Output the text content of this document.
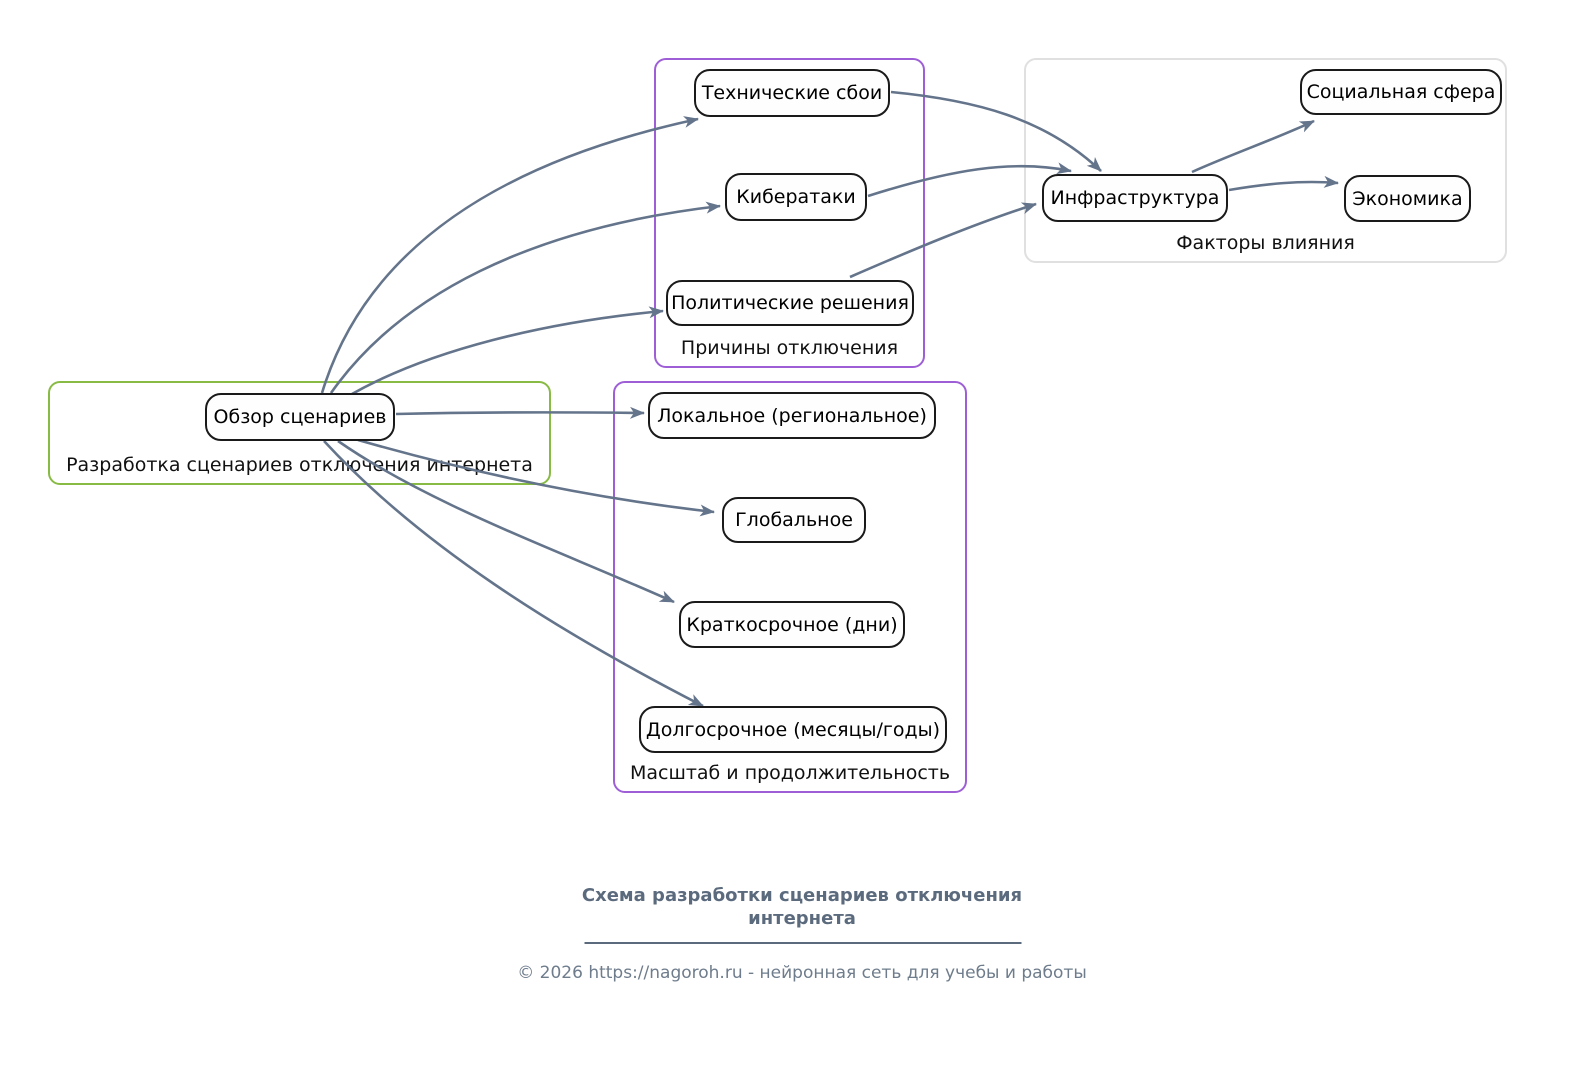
Разработка сценариев отключения интернета
Причины отключения
Факторы влияния
Масштаб и продолжительность
Обзор сценариев
Технические сбои
Кибератаки
Политические решения
Социальная сфера
Инфраструктура	Экономика
Локальное (региональное)
Глобальное
Краткосрочное (дни)
Долгосрочное (месяцы/годы)
Схема разработки сценариев отключения интернета
© 2026 https://nagoroh.ru - нейронная сеть для учебы и работы
